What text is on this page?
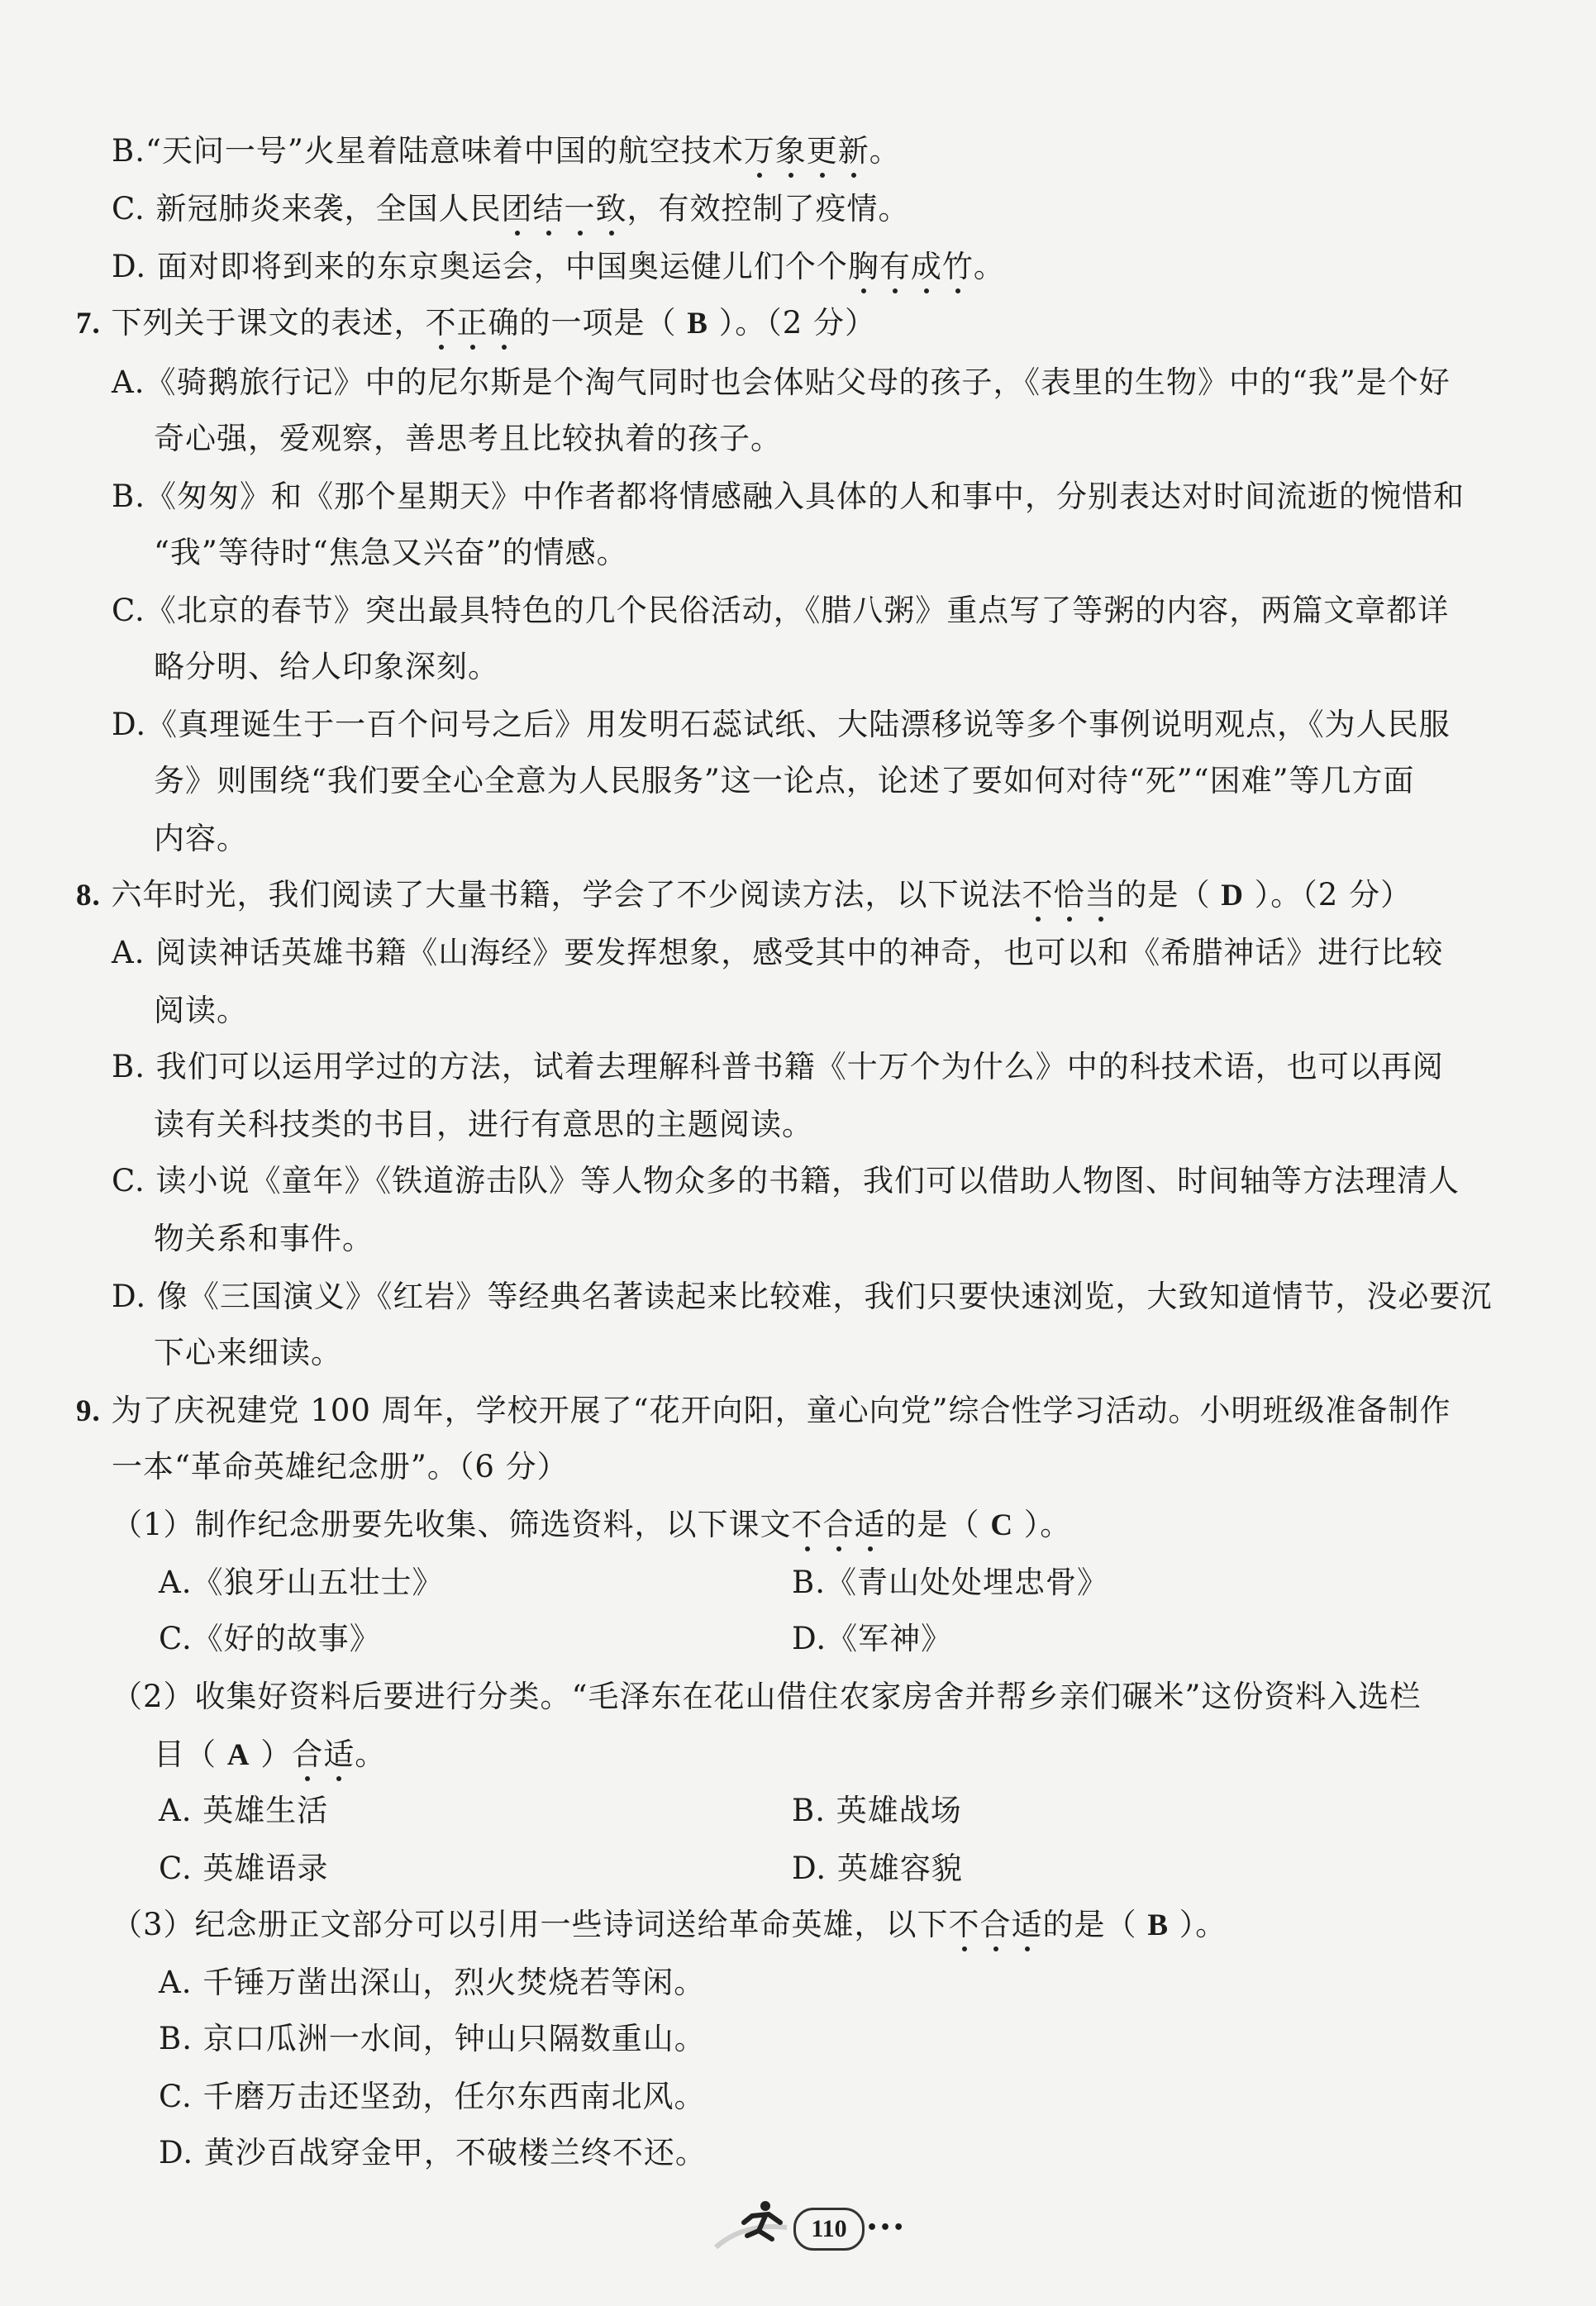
B.“天问一号”火星着陆意味着中国的航空技术万象更新。
C. 新冠肺炎来袭，全国人民团结一致，有效控制了疫情。
D. 面对即将到来的东京奥运会，中国奥运健儿们个个胸有成竹。
7. 下列关于课文的表述，不正确的一项是（ B ）。（2 分）
A.《骑鹅旅行记》中的尼尔斯是个淘气同时也会体贴父母的孩子，《表里的生物》中的“我”是个好
奇心强，爱观察，善思考且比较执着的孩子。
B.《匆匆》和《那个星期天》中作者都将情感融入具体的人和事中，分别表达对时间流逝的惋惜和
“我”等待时“焦急又兴奋”的情感。
C.《北京的春节》突出最具特色的几个民俗活动，《腊八粥》重点写了等粥的内容，两篇文章都详
略分明、给人印象深刻。
D.《真理诞生于一百个问号之后》用发明石蕊试纸、大陆漂移说等多个事例说明观点，《为人民服
务》则围绕“我们要全心全意为人民服务”这一论点，论述了要如何对待“死”“困难”等几方面
内容。
8. 六年时光，我们阅读了大量书籍，学会了不少阅读方法，以下说法不恰当的是（ D ）。（2 分）
A. 阅读神话英雄书籍《山海经》要发挥想象，感受其中的神奇，也可以和《希腊神话》进行比较
阅读。
B. 我们可以运用学过的方法，试着去理解科普书籍《十万个为什么》中的科技术语，也可以再阅
读有关科技类的书目，进行有意思的主题阅读。
C. 读小说《童年》《铁道游击队》等人物众多的书籍，我们可以借助人物图、时间轴等方法理清人
物关系和事件。
D. 像《三国演义》《红岩》等经典名著读起来比较难，我们只要快速浏览，大致知道情节，没必要沉
下心来细读。
9. 为了庆祝建党 100 周年，学校开展了“花开向阳，童心向党”综合性学习活动。小明班级准备制作
一本“革命英雄纪念册”。（6 分）
（1）制作纪念册要先收集、筛选资料，以下课文不合适的是（ C ）。
A.《狼牙山五壮士》	B.《青山处处埋忠骨》
C.《好的故事》	D.《军神》
（2）收集好资料后要进行分类。“毛泽东在花山借住农家房舍并帮乡亲们碾米”这份资料入选栏
目（ A ）合适。
A. 英雄生活	B. 英雄战场
C. 英雄语录	D. 英雄容貌
（3）纪念册正文部分可以引用一些诗词送给革命英雄，以下不合适的是（ B ）。
A. 千锤万凿出深山，烈火焚烧若等闲。
B. 京口瓜洲一水间，钟山只隔数重山。
C. 千磨万击还坚劲，任尔东西南北风。
D. 黄沙百战穿金甲，不破楼兰终不还。
110	•••
